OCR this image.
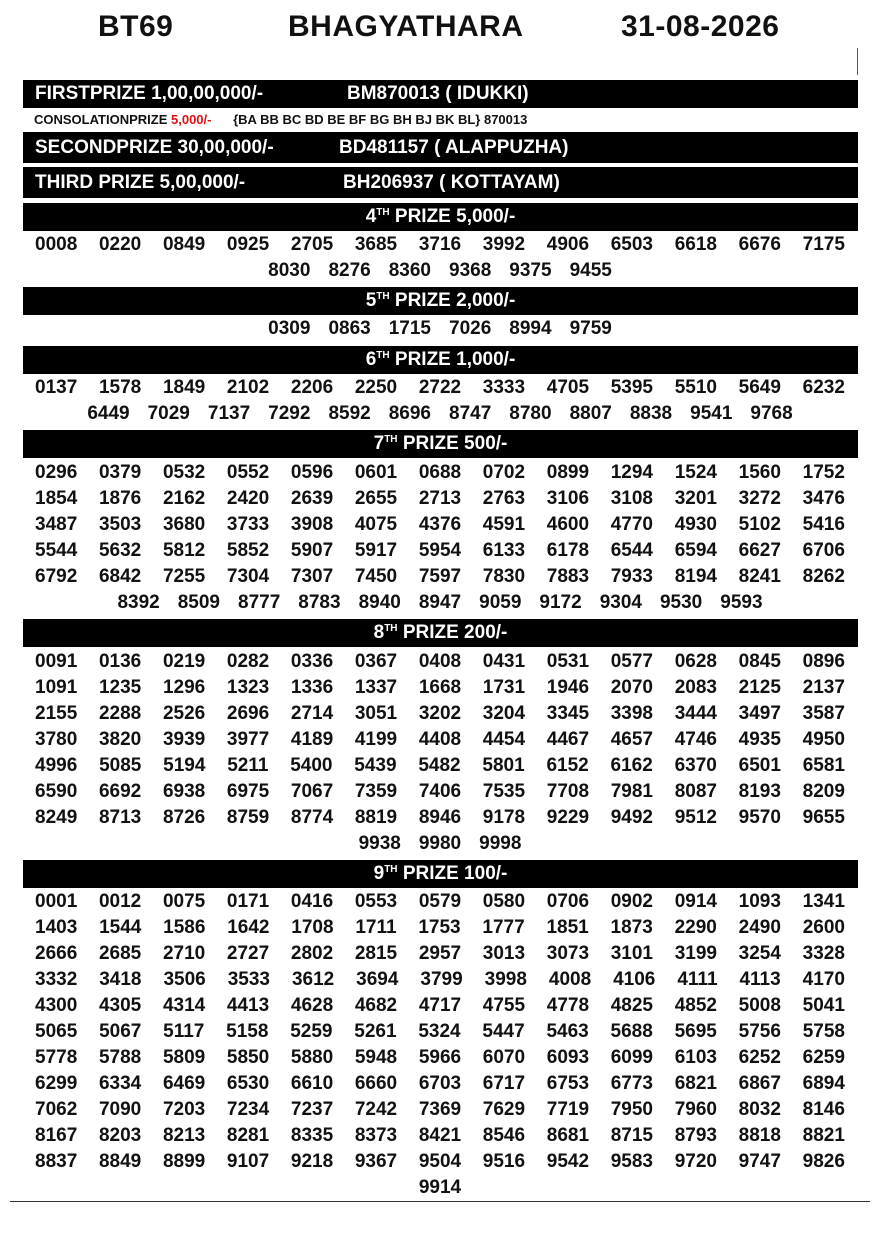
BT69	BHAGYATHARA	31-08-2026
FIRSTPRIZE 1,00,00,000/-	BM870013 ( IDUKKI)
CONSOLATIONPRIZE 5,000/- {BA BB BC BD BE BF BG BH BJ BK BL} 870013
SECONDPRIZE 30,00,000/-	BD481157 ( ALAPPUZHA)
THIRD PRIZE 5,00,000/-	BH206937 ( KOTTAYAM)
4TH PRIZE 5,000/-
0008 0220 0849 0925 2705 3685 3716 3992 4906 6503 6618 6676 7175
8030 8276 8360 9368 9375 9455
5TH PRIZE 2,000/-
0309 0863 1715 7026 8994 9759
6TH PRIZE 1,000/-
0137 1578 1849 2102 2206 2250 2722 3333 4705 5395 5510 5649 6232
6449 7029 7137 7292 8592 8696 8747 8780 8807 8838 9541 9768
7TH PRIZE 500/-
0296 0379 0532 0552 0596 0601 0688 0702 0899 1294 1524 1560 1752
1854 1876 2162 2420 2639 2655 2713 2763 3106 3108 3201 3272 3476
3487 3503 3680 3733 3908 4075 4376 4591 4600 4770 4930 5102 5416
5544 5632 5812 5852 5907 5917 5954 6133 6178 6544 6594 6627 6706
6792 6842 7255 7304 7307 7450 7597 7830 7883 7933 8194 8241 8262
8392 8509 8777 8783 8940 8947 9059 9172 9304 9530 9593
8TH PRIZE 200/-
0091 0136 0219 0282 0336 0367 0408 0431 0531 0577 0628 0845 0896
1091 1235 1296 1323 1336 1337 1668 1731 1946 2070 2083 2125 2137
2155 2288 2526 2696 2714 3051 3202 3204 3345 3398 3444 3497 3587
3780 3820 3939 3977 4189 4199 4408 4454 4467 4657 4746 4935 4950
4996 5085 5194 5211 5400 5439 5482 5801 6152 6162 6370 6501 6581
6590 6692 6938 6975 7067 7359 7406 7535 7708 7981 8087 8193 8209
8249 8713 8726 8759 8774 8819 8946 9178 9229 9492 9512 9570 9655
9938 9980 9998
9TH PRIZE 100/-
0001 0012 0075 0171 0416 0553 0579 0580 0706 0902 0914 1093 1341
1403 1544 1586 1642 1708 1711 1753 1777 1851 1873 2290 2490 2600
2666 2685 2710 2727 2802 2815 2957 3013 3073 3101 3199 3254 3328
3332 3418 3506 3533 3612 3694 3799 3998 4008 4106 4111 4113 4170
4300 4305 4314 4413 4628 4682 4717 4755 4778 4825 4852 5008 5041
5065 5067 5117 5158 5259 5261 5324 5447 5463 5688 5695 5756 5758
5778 5788 5809 5850 5880 5948 5966 6070 6093 6099 6103 6252 6259
6299 6334 6469 6530 6610 6660 6703 6717 6753 6773 6821 6867 6894
7062 7090 7203 7234 7237 7242 7369 7629 7719 7950 7960 8032 8146
8167 8203 8213 8281 8335 8373 8421 8546 8681 8715 8793 8818 8821
8837 8849 8899 9107 9218 9367 9504 9516 9542 9583 9720 9747 9826
9914
